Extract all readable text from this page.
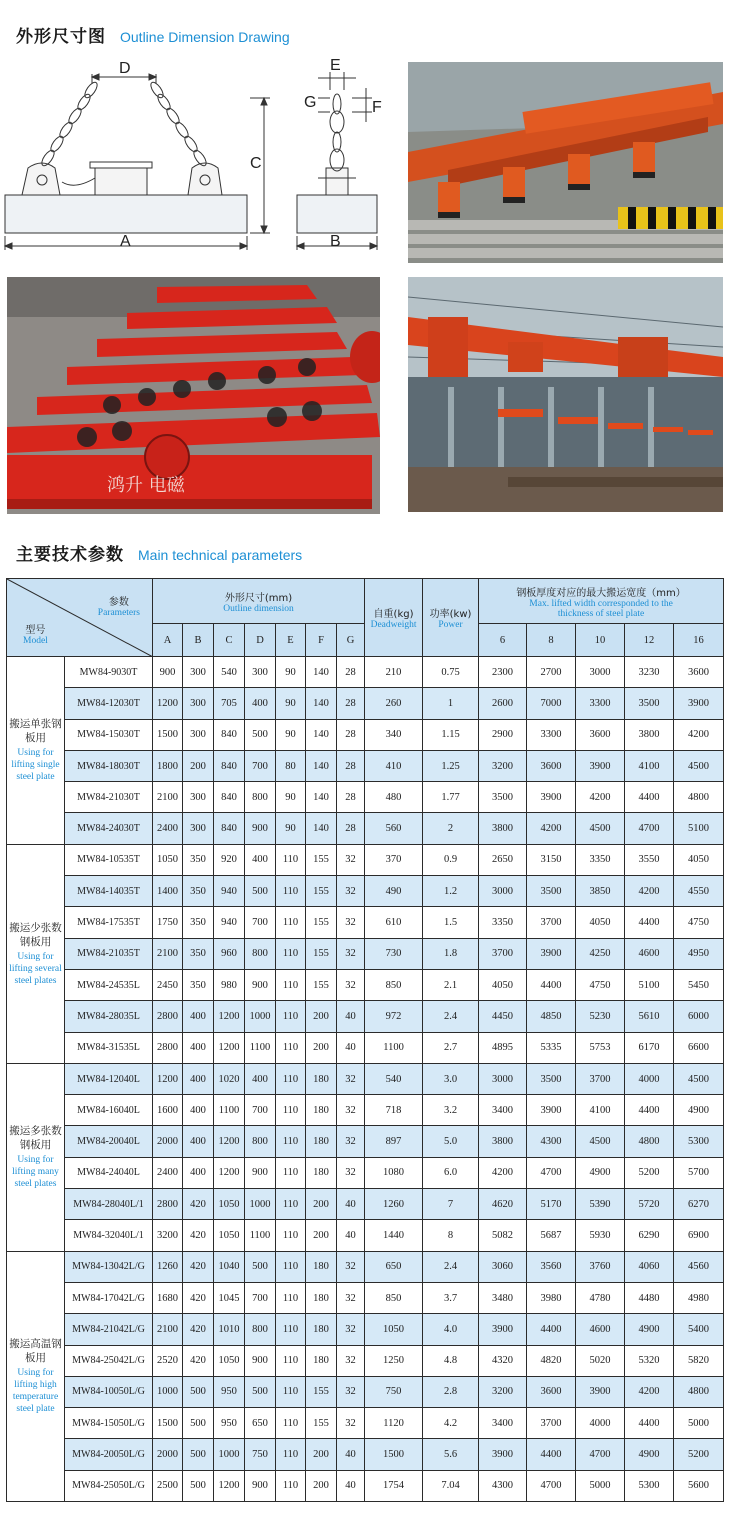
外形尺寸图 Outline Dimension Drawing
A
D
C
B
E
F
G
鸿升 电磁
主要技术参数 Main technical parameters
参数
Parameters
型号
Model		外形尺寸(mm)
Outline dimension							自重(kg)
Deadweight	功率(kw)
Power	钢板厚度对应的最大搬运宽度（mm）
Max. lifted width corresponded to the thickness of steel plate				

		A	B	C	D	E	F	G			6	8	10	12	16

搬运单张钢板用
Using for lifting single steel plate	MW84-9030T	900	300	540	300	90	140	28	210	0.75	2300	2700	3000	3230	3600
	MW84-12030T	1200	300	705	400	90	140	28	260	1	2600	7000	3300	3500	3900
	MW84-15030T	1500	300	840	500	90	140	28	340	1.15	2900	3300	3600	3800	4200
	MW84-18030T	1800	200	840	700	80	140	28	410	1.25	3200	3600	3900	4100	4500
	MW84-21030T	2100	300	840	800	90	140	28	480	1.77	3500	3900	4200	4400	4800
	MW84-24030T	2400	300	840	900	90	140	28	560	2	3800	4200	4500	4700	5100

搬运少张数钢板用
Using for lifting several steel plates	MW84-10535T	1050	350	920	400	110	155	32	370	0.9	2650	3150	3350	3550	4050
	MW84-14035T	1400	350	940	500	110	155	32	490	1.2	3000	3500	3850	4200	4550
	MW84-17535T	1750	350	940	700	110	155	32	610	1.5	3350	3700	4050	4400	4750
	MW84-21035T	2100	350	960	800	110	155	32	730	1.8	3700	3900	4250	4600	4950
	MW84-24535L	2450	350	980	900	110	155	32	850	2.1	4050	4400	4750	5100	5450
	MW84-28035L	2800	400	1200	1000	110	200	40	972	2.4	4450	4850	5230	5610	6000
	MW84-31535L	2800	400	1200	1100	110	200	40	1100	2.7	4895	5335	5753	6170	6600

搬运多张数钢板用
Using for lifting many steel plates	MW84-12040L	1200	400	1020	400	110	180	32	540	3.0	3000	3500	3700	4000	4500
	MW84-16040L	1600	400	1100	700	110	180	32	718	3.2	3400	3900	4100	4400	4900
	MW84-20040L	2000	400	1200	800	110	180	32	897	5.0	3800	4300	4500	4800	5300
	MW84-24040L	2400	400	1200	900	110	180	32	1080	6.0	4200	4700	4900	5200	5700
	MW84-28040L/1	2800	420	1050	1000	110	200	40	1260	7	4620	5170	5390	5720	6270
	MW84-32040L/1	3200	420	1050	1100	110	200	40	1440	8	5082	5687	5930	6290	6900

搬运高温钢板用
Using for lifting high temperature steel plate	MW84-13042L/G	1260	420	1040	500	110	180	32	650	2.4	3060	3560	3760	4060	4560
	MW84-17042L/G	1680	420	1045	700	110	180	32	850	3.7	3480	3980	4780	4480	4980
	MW84-21042L/G	2100	420	1010	800	110	180	32	1050	4.0	3900	4400	4600	4900	5400
	MW84-25042L/G	2520	420	1050	900	110	180	32	1250	4.8	4320	4820	5020	5320	5820
	MW84-10050L/G	1000	500	950	500	110	155	32	750	2.8	3200	3600	3900	4200	4800
	MW84-15050L/G	1500	500	950	650	110	155	32	1120	4.2	3400	3700	4000	4400	5000
	MW84-20050L/G	2000	500	1000	750	110	200	40	1500	5.6	3900	4400	4700	4900	5200
	MW84-25050L/G	2500	500	1200	900	110	200	40	1754	7.04	4300	4700	5000	5300	5600
